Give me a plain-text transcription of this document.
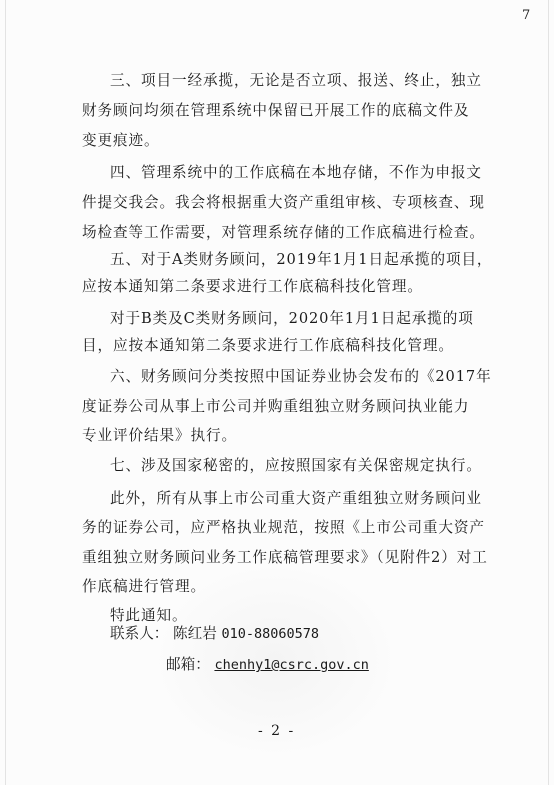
7

三、项目一经承揽，无论是否立项、报送、终止，独立

财务顾问均须在管理系统中保留已开展工作的底稿文件及

变更痕迹。

四、管理系统中的工作底稿在本地存储，不作为申报文

件提交我会。我会将根据重大资产重组审核、专项核查、现

场检查等工作需要，对管理系统存储的工作底稿进行检查。

五、对于A类财务顾问，2019年1月1日起承揽的项目，

应按本通知第二条要求进行工作底稿科技化管理。

对于B类及C类财务顾问，2020年1月1日起承揽的项

目，应按本通知第二条要求进行工作底稿科技化管理。

六、财务顾问分类按照中国证券业协会发布的《2017年

度证券公司从事上市公司并购重组独立财务顾问执业能力

专业评价结果》执行。

七、涉及国家秘密的，应按照国家有关保密规定执行。

此外，所有从事上市公司重大资产重组独立财务顾问业

务的证券公司，应严格执业规范，按照《上市公司重大资产

重组独立财务顾问业务工作底稿管理要求》（见附件2）对工

作底稿进行管理。

特此通知。

联系人： 陈红岩 010-88060578
邮箱： chenhy1@csrc.gov.cn
- 2 -
